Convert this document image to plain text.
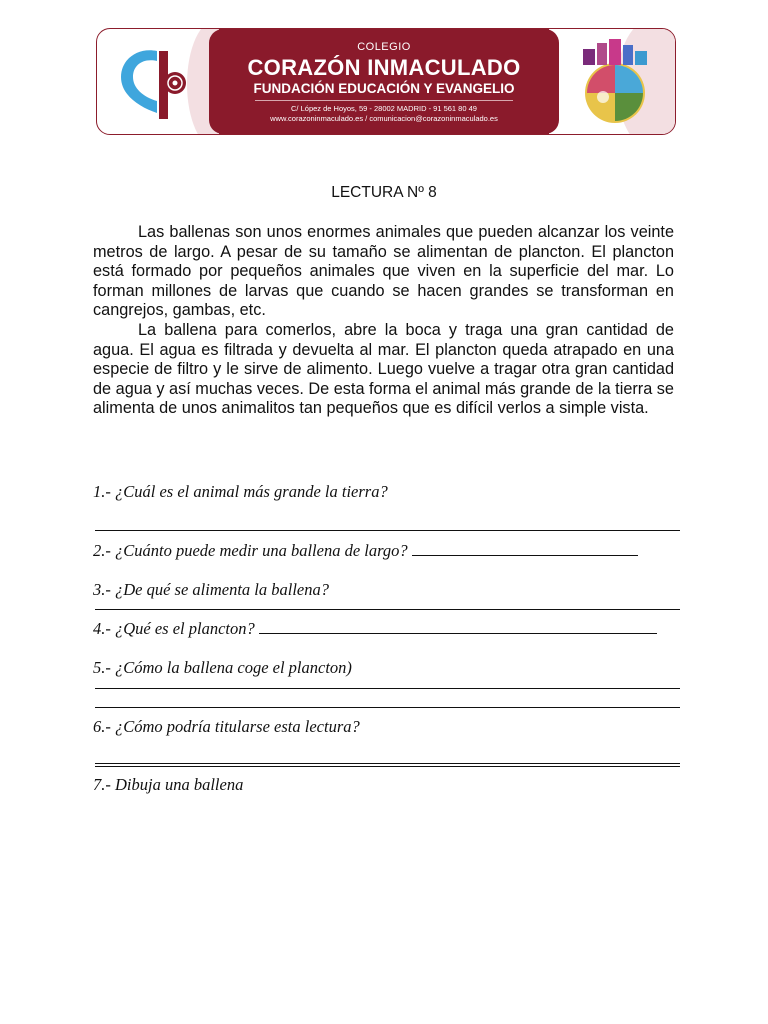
COLEGIO
CORAZÓN INMACULADO
FUNDACIÓN EDUCACIÓN Y EVANGELIO
C/ López de Hoyos, 59 - 28002 MADRID - 91 561 80 49
www.corazoninmaculado.es / comunicacion@corazoninmaculado.es
LECTURA Nº 8

Las ballenas son unos enormes animales que pueden alcanzar los veinte metros de largo. A pesar de su tamaño se alimentan de plancton. El plancton está formado por pequeños animales que viven en la superficie del mar. Lo forman millones de larvas que cuando se hacen grandes se transforman en cangrejos, gambas, etc.

La ballena para comerlos, abre la boca y traga una gran cantidad de agua. El agua es filtrada y devuelta al mar. El plancton queda atrapado en una especie de filtro y le sirve de alimento. Luego vuelve a tragar otra gran cantidad de agua y así muchas veces. De esta forma el animal más grande de la tierra se alimenta de unos animalitos tan pequeños que es difícil verlos a simple vista.

1.- ¿Cuál es el animal más grande la tierra?
2.- ¿Cuánto puede medir una ballena de largo?
3.- ¿De qué se alimenta la ballena?
4.- ¿Qué es el plancton?
5.- ¿Cómo la ballena coge el plancton)
6.- ¿Cómo podría titularse esta lectura?
7.- Dibuja una ballena
